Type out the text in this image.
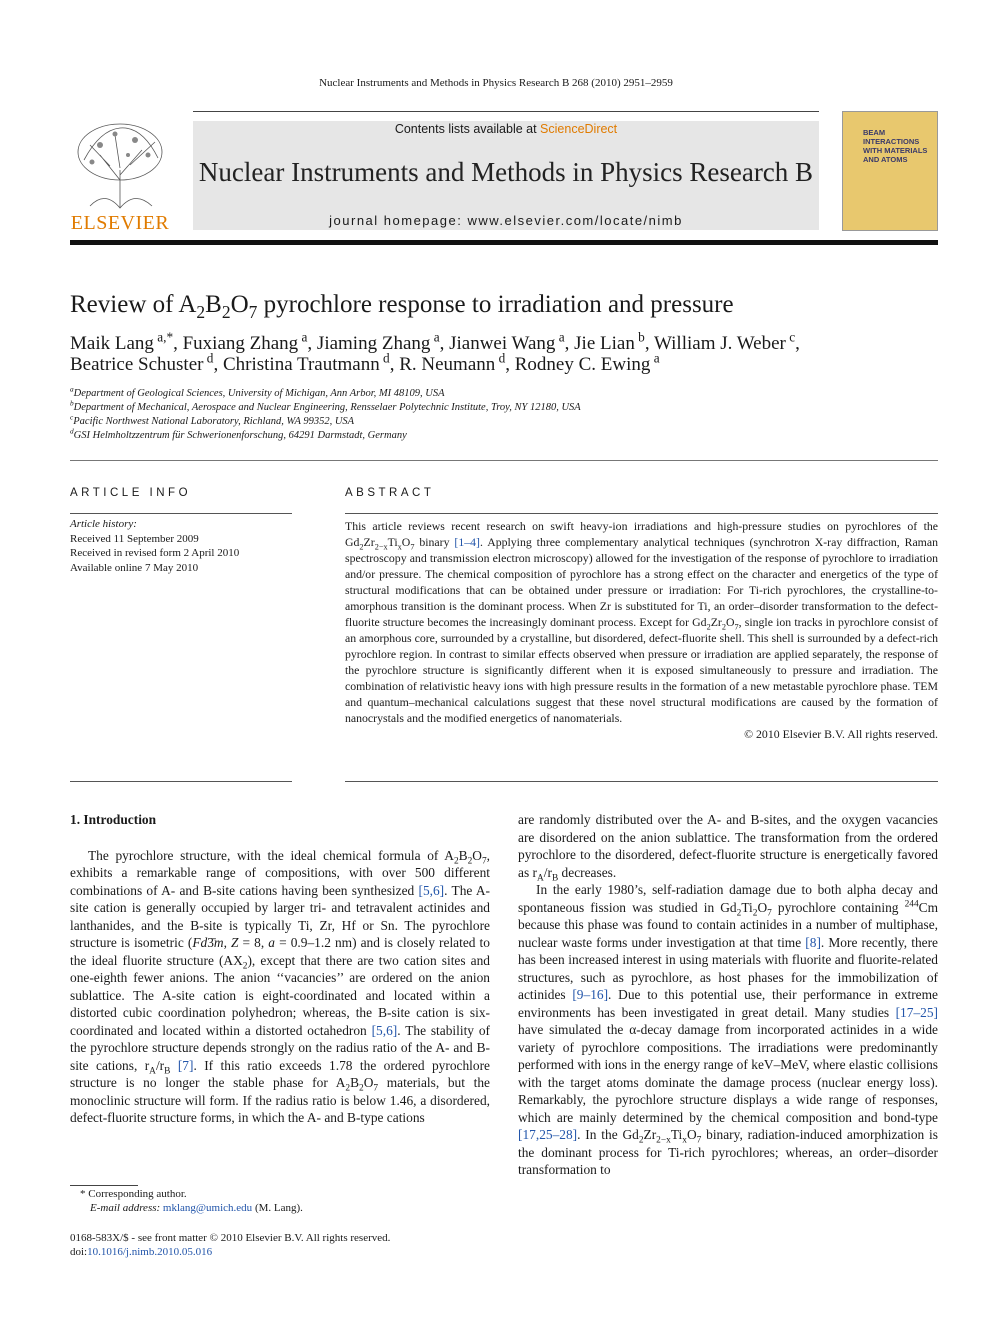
Nuclear Instruments and Methods in Physics Research B 268 (2010) 2951–2959
ELSEVIER
Contents lists available at ScienceDirect
Nuclear Instruments and Methods in Physics Research B
journal homepage: www.elsevier.com/locate/nimb
BEAM INTERACTIONS WITH MATERIALS AND ATOMS
Review of $A_2B_2O_7$ pyrochlore response to irradiation and pressure
Maik Lang $^{a,*}$, Fuxiang Zhang $^a$, Jiaming Zhang $^a$, Jianwei Wang $^a$, Jie Lian $^b$, William J. Weber $^c$,
Beatrice Schuster $^d$, Christina Trautmann $^d$, R. Neumann $^d$, Rodney C. Ewing $^a$
$^a$Department of Geological Sciences, University of Michigan, Ann Arbor, MI 48109, USA
$^b$Department of Mechanical, Aerospace and Nuclear Engineering, Rensselaer Polytechnic Institute, Troy, NY 12180, USA
$^c$Pacific Northwest National Laboratory, Richland, WA 99352, USA
$^d$GSI Helmholtzzentrum für Schwerionenforschung, 64291 Darmstadt, Germany
ARTICLE INFO
Article history:
Received 11 September 2009
Received in revised form 2 April 2010
Available online 7 May 2010
ABSTRACT
This article reviews recent research on swift heavy-ion irradiations and high-pressure studies on pyrochlores of the $Gd_2Zr_{2-x}Ti_xO_7$ binary [1–4]. Applying three complementary analytical techniques (synchrotron X-ray diffraction, Raman spectroscopy and transmission electron microscopy) allowed for the investigation of the response of pyrochlore to irradiation and/or pressure. The chemical composition of pyrochlore has a strong effect on the character and energetics of the type of structural modifications that can be obtained under pressure or irradiation: For Ti-rich pyrochlores, the crystalline-to-amorphous transition is the dominant process. When Zr is substituted for Ti, an order–disorder transformation to the defect-fluorite structure becomes the increasingly dominant process. Except for $Gd_2Zr_2O_7$, single ion tracks in pyrochlore consist of an amorphous core, surrounded by a crystalline, but disordered, defect-fluorite shell. This shell is surrounded by a defect-rich pyrochlore region. In contrast to similar effects observed when pressure or irradiation are applied separately, the response of the pyrochlore structure is significantly different when it is exposed simultaneously to pressure and irradiation. The combination of relativistic heavy ions with high pressure results in the formation of a new metastable pyrochlore phase. TEM and quantum–mechanical calculations suggest that these novel structural modifications are caused by the formation of nanocrystals and the modified energetics of nanomaterials.
© 2010 Elsevier B.V. All rights reserved.
1. Introduction

The pyrochlore structure, with the ideal chemical formula of $A_2B_2O_7$, exhibits a remarkable range of compositions, with over 500 different combinations of A- and B-site cations having been synthesized [5,6]. The A-site cation is generally occupied by larger tri- and tetravalent actinides and lanthanides, and the B-site is typically Ti, Zr, Hf or Sn. The pyrochlore structure is isometric (Fd3̄m, Z = 8, a = 0.9–1.2 nm) and is closely related to the ideal fluorite structure $(AX_2)$, except that there are two cation sites and one-eighth fewer anions. The anion ‘‘vacancies’’ are ordered on the anion sublattice. The A-site cation is eight-coordinated and located within a distorted cubic coordination polyhedron; whereas, the B-site cation is six-coordinated and located within a distorted octahedron [5,6]. The stability of the pyrochlore structure depends strongly on the radius ratio of the A- and B-site cations, $r_A/r_B$ [7]. If this ratio exceeds 1.78 the ordered pyrochlore structure is no longer the stable phase for $A_2B_2O_7$ materials, but the monoclinic structure will form. If the radius ratio is below 1.46, a disordered, defect-fluorite structure forms, in which the A- and B-type cations

are randomly distributed over the A- and B-sites, and the oxygen vacancies are disordered on the anion sublattice. The transformation from the ordered pyrochlore to the disordered, defect-fluorite structure is energetically favored as $r_A/r_B$ decreases.

In the early 1980’s, self-radiation damage due to both alpha decay and spontaneous fission was studied in $Gd_2Ti_2O_7$ pyrochlore containing $^{244}$Cm because this phase was found to contain actinides in a number of multiphase, nuclear waste forms under investigation at that time [8]. More recently, there has been increased interest in using materials with fluorite and fluorite-related structures, such as pyrochlore, as host phases for the immobilization of actinides [9–16]. Due to this potential use, their performance in extreme environments has been investigated in great detail. Many studies [17–25] have simulated the α-decay damage from incorporated actinides in a wide variety of pyrochlore compositions. The irradiations were predominantly performed with ions in the energy range of keV–MeV, where elastic collisions with the target atoms dominate the damage process (nuclear energy loss). Remarkably, the pyrochlore structure displays a wide range of responses, which are mainly determined by the chemical composition and bond-type [17,25–28]. In the $Gd_2Zr_{2-x}Ti_xO_7$ binary, radiation-induced amorphization is the dominant process for Ti-rich pyrochlores; whereas, an order–disorder transformation to

* Corresponding author.
E-mail address: mklang@umich.edu (M. Lang).
0168-583X/$ - see front matter © 2010 Elsevier B.V. All rights reserved.
doi:10.1016/j.nimb.2010.05.016
